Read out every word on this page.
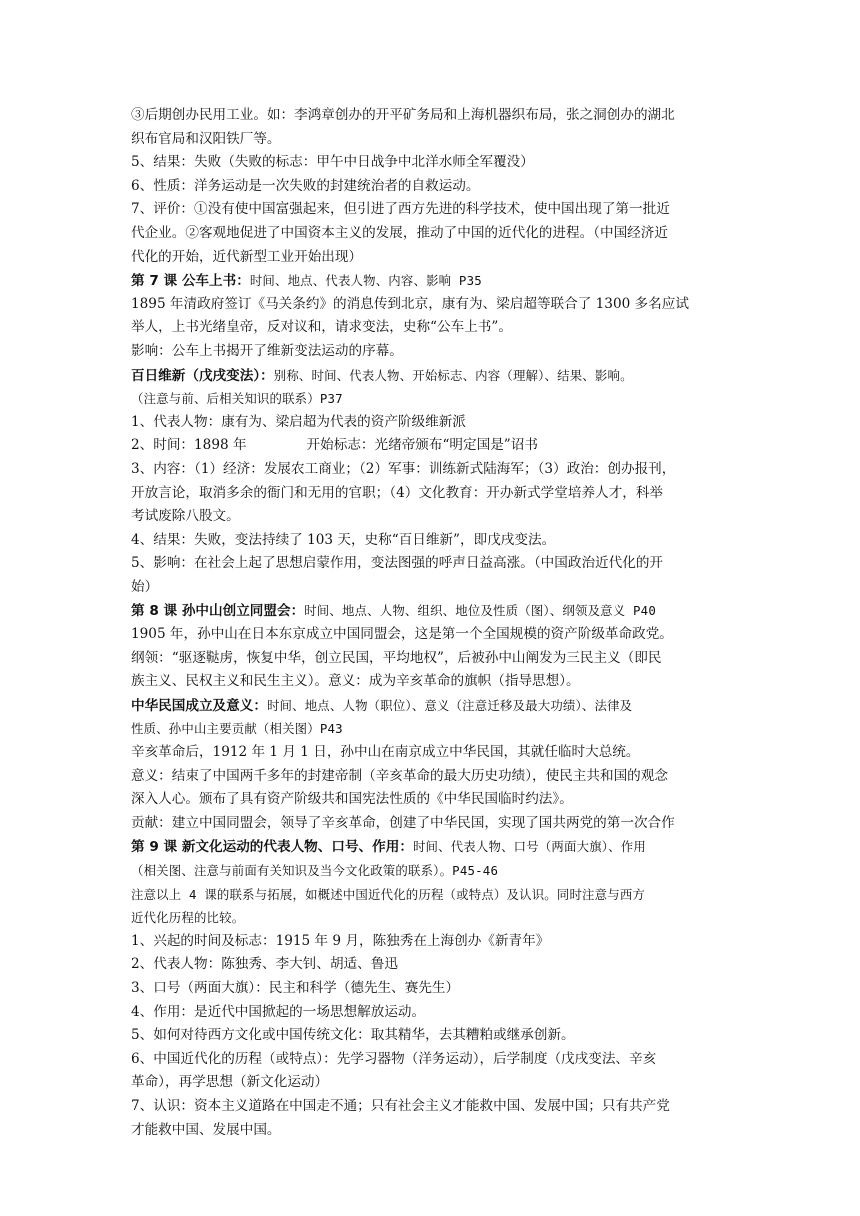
③后期创办民用工业。如：李鸿章创办的开平矿务局和上海机器织布局，张之洞创办的湖北

织布官局和汉阳铁厂等。

5、结果：失败（失败的标志：甲午中日战争中北洋水师全军覆没）

6、性质：洋务运动是一次失败的封建统治者的自救运动。

7、评价：①没有使中国富强起来，但引进了西方先进的科学技术，使中国出现了第一批近

代企业。②客观地促进了中国资本主义的发展，推动了中国的近代化的进程。（中国经济近

代化的开始，近代新型工业开始出现）

第 7 课 公车上书：时间、地点、代表人物、内容、影响 P35

1895 年清政府签订《马关条约》的消息传到北京，康有为、梁启超等联合了 1300 多名应试

举人，上书光绪皇帝，反对议和，请求变法，史称“公车上书”。

影响：公车上书揭开了维新变法运动的序幕。

百日维新（戊戌变法）：别称、时间、代表人物、开始标志、内容（理解）、结果、影响。

（注意与前、后相关知识的联系）P37

1、代表人物：康有为、梁启超为代表的资产阶级维新派

2、时间：1898 年	开始标志：光绪帝颁布“明定国是”诏书

3、内容：（1）经济：发展农工商业；（2）军事：训练新式陆海军；（3）政治：创办报刊，

开放言论，取消多余的衙门和无用的官职；（4）文化教育：开办新式学堂培养人才，科举

考试废除八股文。

4、结果：失败，变法持续了 103 天，史称“百日维新”，即戊戌变法。

5、影响：在社会上起了思想启蒙作用，变法图强的呼声日益高涨。（中国政治近代化的开

始）

第 8 课 孙中山创立同盟会：时间、地点、人物、组织、地位及性质（图）、纲领及意义 P40

1905 年，孙中山在日本东京成立中国同盟会，这是第一个全国规模的资产阶级革命政党。

纲领：“驱逐鞑虏，恢复中华，创立民国，平均地权”，后被孙中山阐发为三民主义（即民

族主义、民权主义和民生主义）。意义：成为辛亥革命的旗帜（指导思想）。

中华民国成立及意义：时间、地点、人物（职位）、意义（注意迁移及最大功绩）、法律及

性质、孙中山主要贡献（相关图）P43

辛亥革命后，1912 年 1 月 1 日，孙中山在南京成立中华民国，其就任临时大总统。

意义：结束了中国两千多年的封建帝制（辛亥革命的最大历史功绩），使民主共和国的观念

深入人心。颁布了具有资产阶级共和国宪法性质的《中华民国临时约法》。

贡献：建立中国同盟会，领导了辛亥革命，创建了中华民国，实现了国共两党的第一次合作

第 9 课 新文化运动的代表人物、口号、作用：时间、代表人物、口号（两面大旗）、作用

（相关图、注意与前面有关知识及当今文化政策的联系）。P45-46

注意以上 4 课的联系与拓展，如概述中国近代化的历程（或特点）及认识。同时注意与西方

近代化历程的比较。

1、兴起的时间及标志：1915 年 9 月，陈独秀在上海创办《新青年》

2、代表人物：陈独秀、李大钊、胡适、鲁迅

3、口号（两面大旗）：民主和科学（德先生、赛先生）

4、作用：是近代中国掀起的一场思想解放运动。

5、如何对待西方文化或中国传统文化：取其精华，去其糟粕或继承创新。

6、中国近代化的历程（或特点）：先学习器物（洋务运动），后学制度（戊戌变法、辛亥

革命），再学思想（新文化运动）

7、认识：资本主义道路在中国走不通；只有社会主义才能救中国、发展中国；只有共产党

才能救中国、发展中国。
